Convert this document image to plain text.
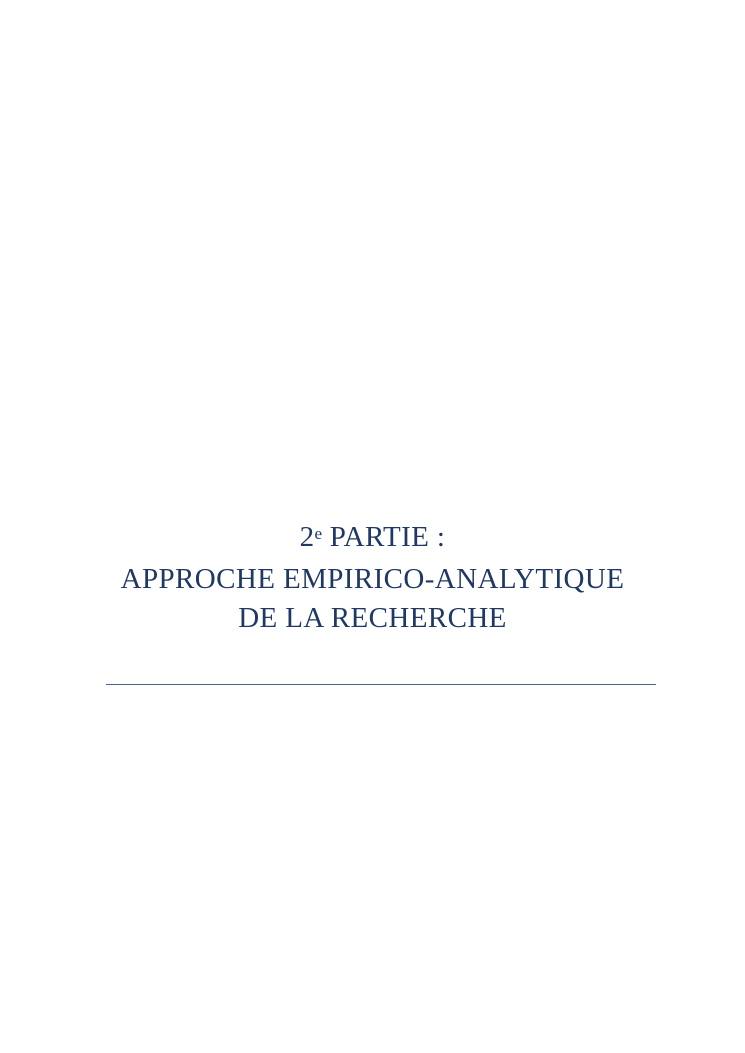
2e PARTIE :
APPROCHE EMPIRICO-ANALYTIQUE
DE LA RECHERCHE
